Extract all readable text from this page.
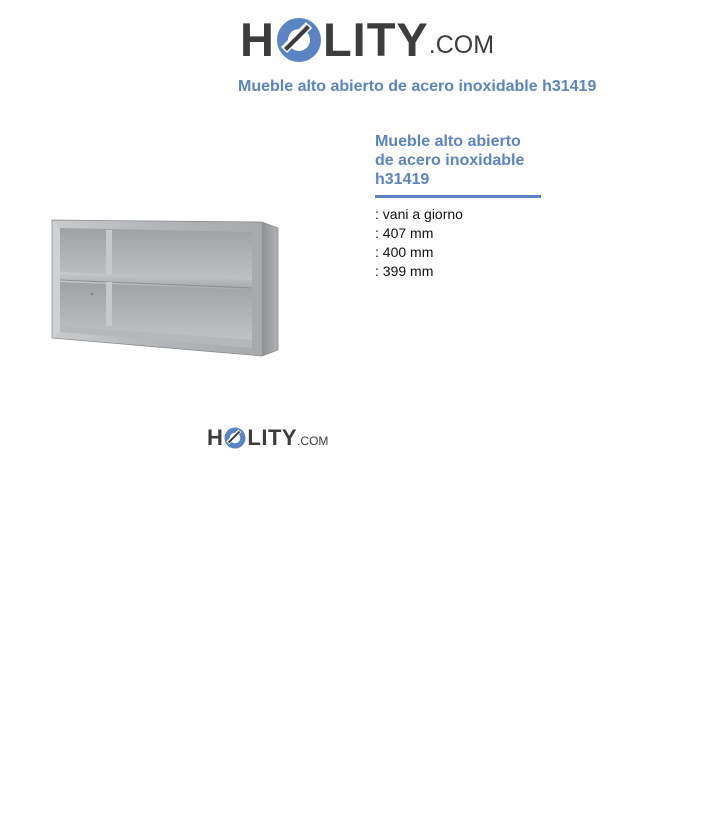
H LITY .COM
Mueble alto abierto de acero inoxidable h31419
Mueble alto abierto de acero inoxidable h31419
: vani a giorno
: 407 mm
: 400 mm
: 399 mm
H LITY .COM
